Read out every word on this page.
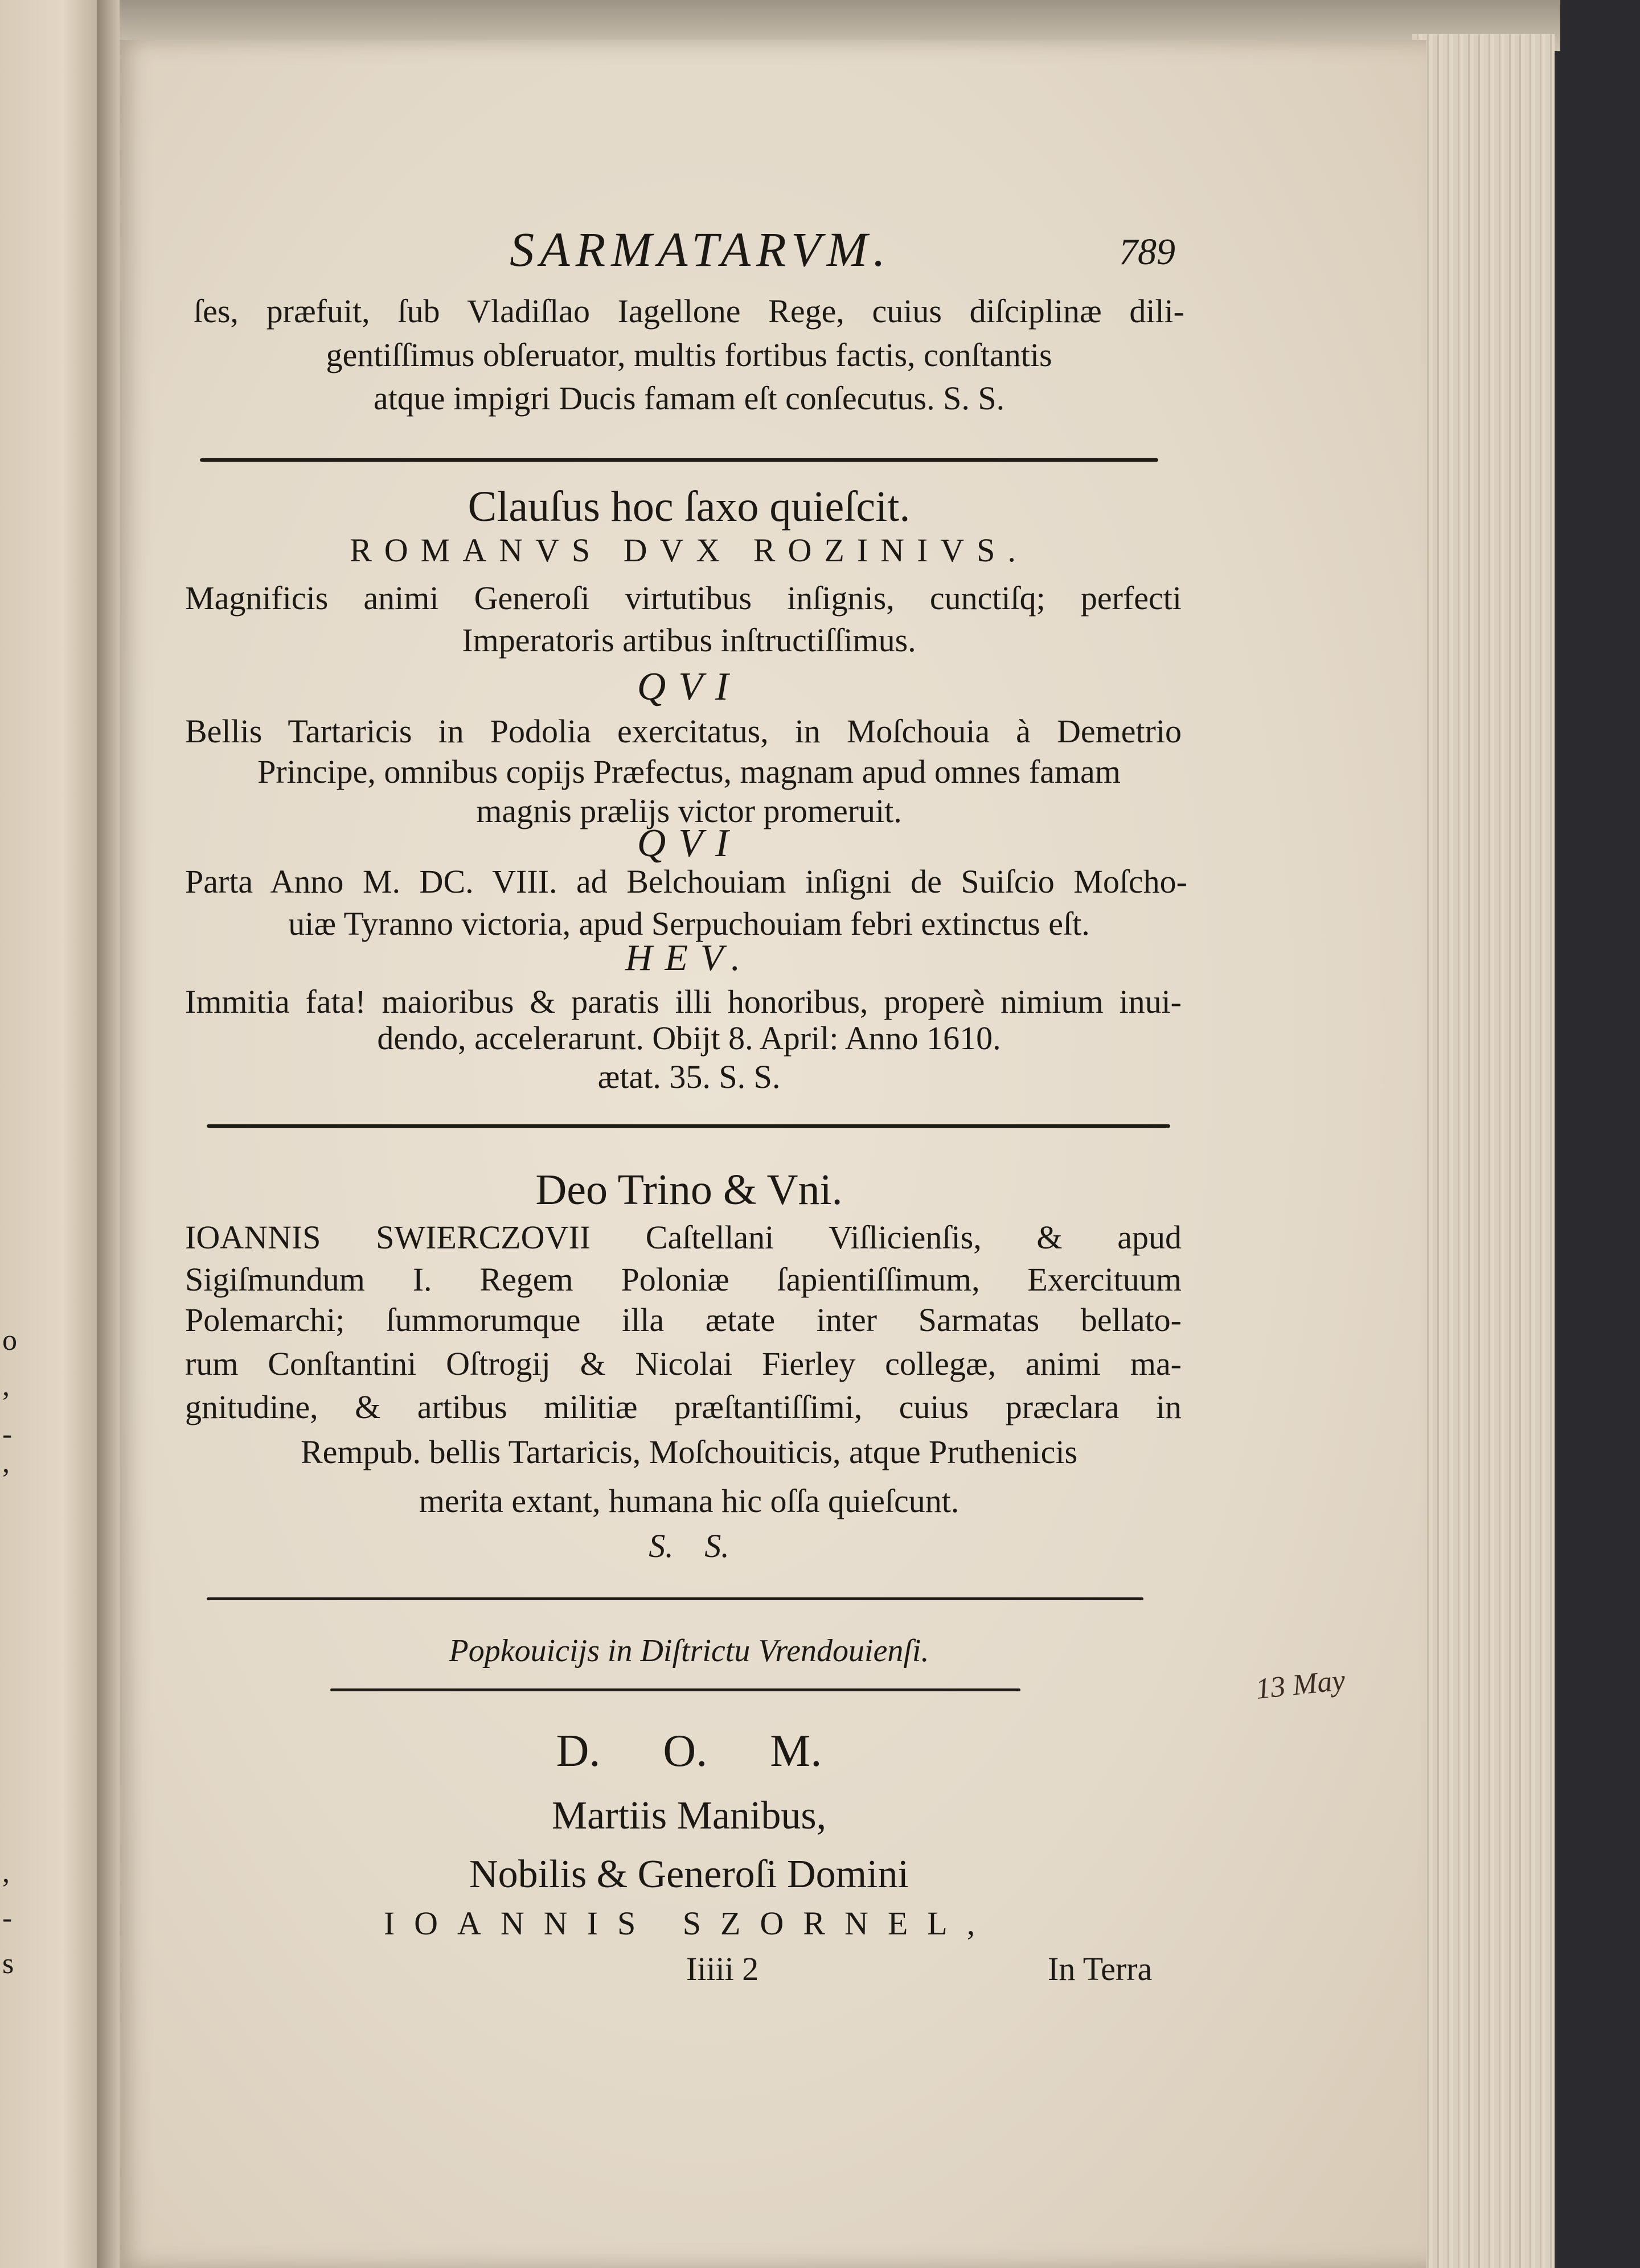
o
,
-
,
,
-
s
SARMATARVM.	789
ſes, præfuit, ſub Vladiſlao Iagellone Rege, cuius diſciplinæ dili-
gentiſſimus obſeruator, multis fortibus factis, conſtantis
atque impigri Ducis famam eſt conſecutus. S. S.
Clauſus hoc ſaxo quieſcit.
ROMANVS DVX ROZINIVS.
Magnificis animi Generoſi virtutibus inſignis, cunctiſq; perfecti
Imperatoris artibus inſtructiſſimus.
QVI
Bellis Tartaricis in Podolia exercitatus, in Moſchouia à Demetrio
Principe, omnibus copijs Præfectus, magnam apud omnes famam
magnis prælijs victor promeruit.
QVI
Parta Anno M. DC. VIII. ad Belchouiam inſigni de Suiſcio Moſcho-
uiæ Tyranno victoria, apud Serpuchouiam febri extinctus eſt.
HEV.
Immitia fata! maioribus & paratis illi honoribus, properè nimium inui-
dendo, accelerarunt. Obijt 8. April: Anno 1610.
ætat. 35. S. S.
Deo Trino & Vni.
IOANNIS SWIERCZOVII Caſtellani Viſlicienſis, & apud
Sigiſmundum I. Regem Poloniæ ſapientiſſimum, Exercituum
Polemarchi; ſummorumque illa ætate inter Sarmatas bellato-
rum Conſtantini Oſtrogij & Nicolai Fierley collegæ, animi ma-
gnitudine, & artibus militiæ præſtantiſſimi, cuius præclara in
Rempub. bellis Tartaricis, Moſchouiticis, atque Pruthenicis
merita extant, humana hic oſſa quieſcunt.
S. S.
Popkouicijs in Diſtrictu Vrendouienſi.
D. O. M.
Martiis Manibus,
Nobilis & Generoſi Domini
IOANNIS SZORNEL,
Iiiii 2	In Terra
13 May
